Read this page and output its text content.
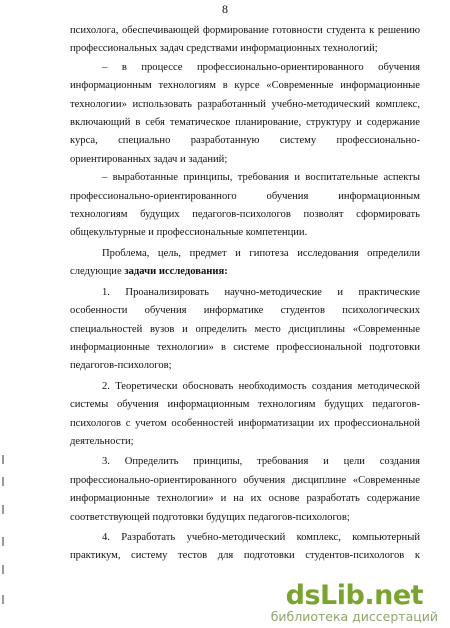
8

психолога, обеспечивающей формирование готовности студента к решению

профессиональных задач средствами информационных технологий;

– в процессе профессионально-ориентированного обучения

информационным технологиям в курсе «Современные информационные

технологии» использовать разработанный учебно-методический комплекс,

включающий в себя тематическое планирование, структуру и содержание

курса, специально разработанную систему профессионально-

ориентированных задач и заданий;

– выработанные принципы, требования и воспитательные аспекты

профессионально-ориентированного обучения информационным

технологиям будущих педагогов-психологов позволят сформировать

общекультурные и профессиональные компетенции.

Проблема, цель, предмет и гипотеза исследования определили

следующие задачи исследования:

1. Проанализировать научно-методические и практические

особенности обучения информатике студентов психологических

специальностей вузов и определить место дисциплины «Современные

информационные технологии» в системе профессиональной подготовки

педагогов-психологов;

2. Теоретически обосновать необходимость создания методической

системы обучения информационным технологиям будущих педагогов-

психологов с учетом особенностей информатизации их профессиональной

деятельности;

3. Определить принципы, требования и цели создания

профессионально-ориентированного обучения дисциплине «Современные

информационные технологии» и на их основе разработать содержание

соответствующей подготовки будущих педагогов-психологов;

4. Разработать учебно-методический комплекс, компьютерный

практикум, систему тестов для подготовки студентов-психологов к

dsLib.net
библиотека диссертаций
